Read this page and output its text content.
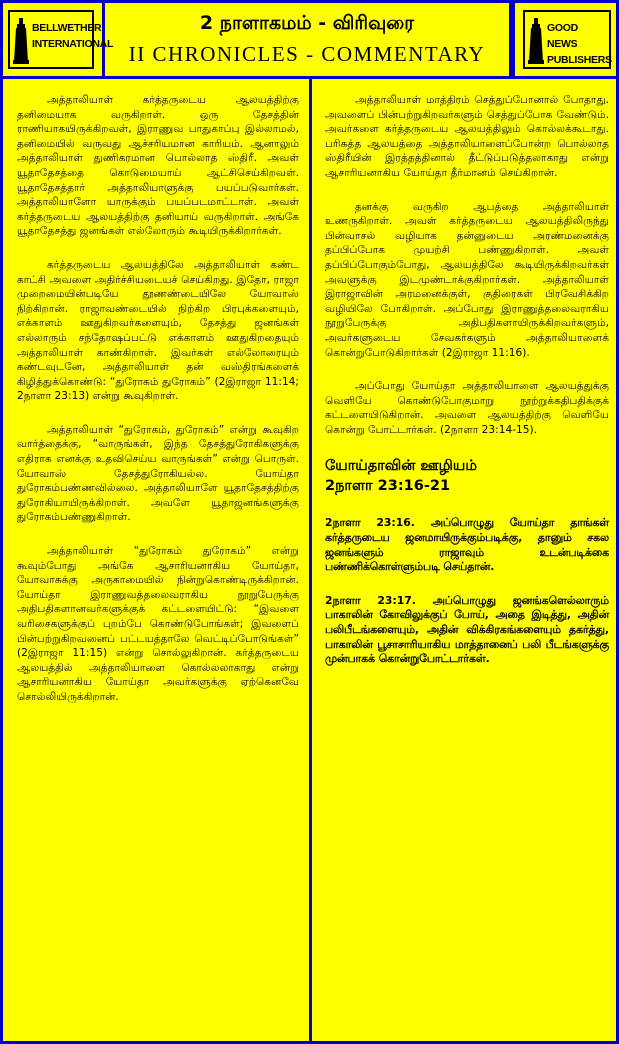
BELLWETHER
INTERNATIONAL
2 நாளாகமம் - விரிவுரை
II CHRONICLES - COMMENTARY
GOOD NEWS
PUBLISHERS

அத்தாலியாள் கர்த்தருடைய ஆலயத்திற்கு தனிமையாக வருகிறாள். ஒரு தேசத்தின் ராணியாகயிருக்கிறவள், இராணுவ பாதுகாப்பு இல்லாமல், தனிமையில் வருவது ஆச்சரியமான காரியம். ஆனாலும் அத்தாலியாள் துணிகரமான பொல்லாத ஸ்திரீ. அவள் யூதாதேசத்தை கொடுமையாய் ஆட்சிசெய்கிறவள். யூதாதேசத்தார் அத்தாலியாளுக்கு பயப்படுவார்கள். அத்தாலியாளோ யாருக்கும் பயப்படமாட்டாள். அவள் கர்த்தருடைய ஆலயத்திற்கு தனியாய் வருகிறாள். அங்கே யூதாதேசத்து ஜனங்கள் எல்லோரும் கூடியிருக்கிறார்கள்.

கர்த்தருடைய ஆலயத்திலே அத்தாலியாள் கண்ட காட்சி அவளை அதிர்ச்சியடையச் செய்கிறது. இதோ, ராஜா முறைமையின்படியே தூணண்டையிலே யோவாஸ் நிற்கிறான். ராஜாவண்டையில் நிற்கிற பிரபுக்களையும், எக்காளம் ஊதுகிறவர்களையும், தேசத்து ஜனங்கள் எல்லாரும் சந்தோஷப்பட்டு எக்காளம் ஊதுகிறதையும் அத்தாலியாள் காண்கிறாள். இவர்கள் எல்லோரையும் கண்டவுடனே, அத்தாலியாள் தன் வஸ்திரங்களைக் கிழித்துக்கொண்டு: “துரோகம் துரோகம்” (2இராஜா 11:14; 2நாளா 23:13) என்று கூவுகிறாள்.

அத்தாலியாள் “துரோகம், துரோகம்” என்று கூவுகிற வார்த்தைக்கு, “வாருங்கள், இந்த தேசத்துரோகிகளுக்கு எதிராக எனக்கு உதவிசெய்ய வாருங்கள்” என்று பொருள். யோவாஸ் தேசத்துரோகியல்ல. யோய்தா துரோகம்பண்ணவில்லை. அத்தாலியாளே யூதாதேசத்திற்கு துரோகியாயிருக்கிறாள். அவளே யூதாஜனங்களுக்கு துரோகம்பண்ணுகிறாள்.

அத்தாலியாள் “துரோகம் துரோகம்” என்று கூவும்போது அங்கே ஆசாரியனாகிய யோய்தா, யோவாசுக்கு அருகாமையில் நின்றுகொண்டிருக்கிறான். யோய்தா இராணுவத்தலைவராகிய நூறுபேருக்கு அதிபதிகளானவர்களுக்குக் கட்டளையிட்டு: “இவளை வரிசைகளுக்குப் புறம்பே கொண்டுபோங்கள்; இவளைப் பின்பற்றுகிறவனைப் பட்டயத்தாலே வெட்டிப்போடுங்கள்” (2இராஜா 11:15) என்று சொல்லுகிறான். கர்த்தருடைய ஆலயத்தில் அத்தாலியாளை கொல்லலாகாது என்று ஆசாரியனாகிய யோய்தா அவர்களுக்கு ஏற்கெனவே சொல்லியிருக்கிறான்.

அத்தாலியாள் மாத்திரம் செத்துப்போனால் போதாது. அவளைப் பின்பற்றுகிறவர்களும் செத்துப்போக வேண்டும். அவர்களை கர்த்தருடைய ஆலயத்திலும் கொல்லக்கூடாது. பரிசுத்த ஆலயத்தை அத்தாலியாளைப்போன்ற பொல்லாத ஸ்திரீயின் இரத்தத்தினால் தீட்டுப்படுத்தலாகாது என்று ஆசாரியனாகிய யோய்தா தீர்மானம் செய்கிறான்.

தனக்கு வருகிற ஆபத்தை அத்தாலியாள் உணருகிறாள். அவள் கர்த்தருடைய ஆலயத்திலிருந்து பின்வாசல் வழியாக தன்னுடைய அரண்மனைக்கு தப்பிப்போக முயற்சி பண்ணுகிறாள். அவள் தப்பிப்போகும்போது, ஆலயத்திலே கூடியிருக்கிறவர்கள் அவளுக்கு இடமுண்டாக்குகிறார்கள். அத்தாலியாள் இராஜாவின் அரமனைக்குள், குதிரைகள் பிரவேசிக்கிற வழியிலே போகிறாள். அப்போது இராணுத்தலைவராகிய நூறுபேருக்கு அதிபதிகளாயிருக்கிறவர்களும், அவர்களுடைய சேவகர்களும் அத்தாலியாளைக் கொன்றுபோடுகிறார்கள் (2இராஜா 11:16).

அப்போது யோய்தா அத்தாலியாளை ஆலயத்துக்கு வெளியே கொண்டுபோகுமாறு நூற்றுக்கதிபதிக்குக் கட்டளையிடுகிறான். அவளை ஆலயத்திற்கு வெளியே கொன்று போட்டார்கள். (2நாளா 23:14-15).

யோய்தாவின் ஊழியம்
2நாளா 23:16-21

2நாளா 23:16. அப்பொழுது யோய்தா தாங்கள் கர்த்தருடைய ஜனமாயிருக்கும்படிக்கு, தானும் சகல ஜனங்களும் ராஜாவும் உடன்படிக்கை பண்ணிக்கொள்ளும்படி செய்தான்.

2நாளா 23:17. அப்பொழுது ஜனங்களெல்லாரும் பாகாலின் கோவிலுக்குப் போய், அதை இடித்து, அதின் பலிபீடங்களையும், அதின் விக்கிரகங்களையும் தகர்த்து, பாகாலின் பூசாசாரியாகிய மாத்தானைப் பலி பீடங்களுக்கு முன்பாகக் கொன்றுபோட்டார்கள்.
